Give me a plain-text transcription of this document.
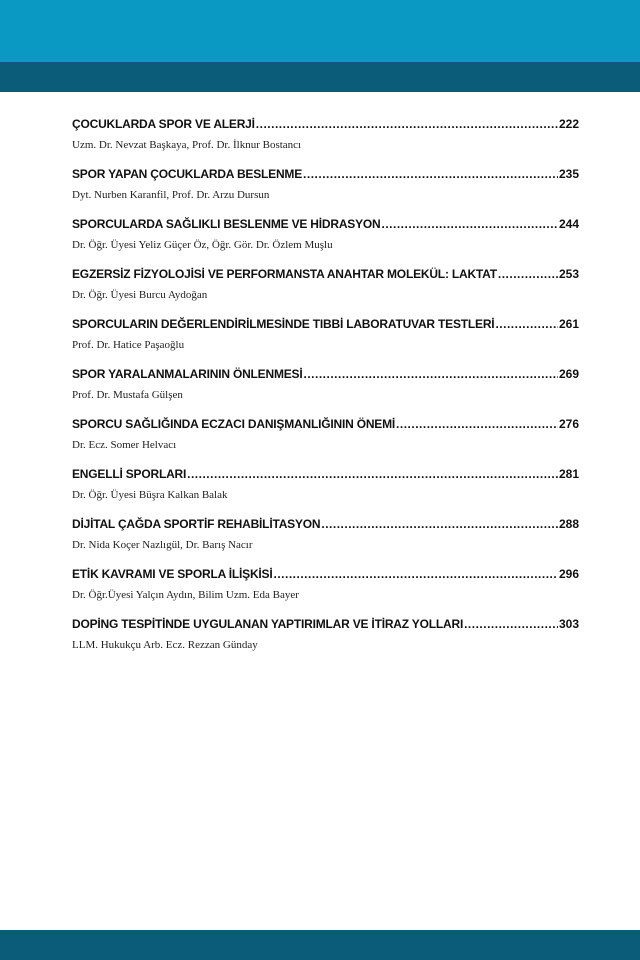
ÇOCUKLARDA SPOR VE ALERJİ .....	222
Uzm. Dr. Nevzat Başkaya, Prof. Dr. İlknur Bostancı
SPOR YAPAN ÇOCUKLARDA BESLENME .....	235
Dyt. Nurben Karanfil, Prof. Dr. Arzu Dursun
SPORCULARDA SAĞLIKLI BESLENME VE HİDRASYON .....	244
Dr. Öğr. Üyesi Yeliz Güçer Öz, Öğr. Gör. Dr. Özlem Muşlu
EGZERSİZ FİZYOLOJİSİ VE PERFORMANSTA ANAHTAR MOLEKÜL: LAKTAT .....	253
Dr. Öğr. Üyesi Burcu Aydoğan
SPORCULARIN DEĞERLENDİRİLMESİNDE TIBBİ LABORATUVAR TESTLERİ .....	261
Prof. Dr. Hatice Paşaoğlu
SPOR YARALANMALARININ ÖNLENMESİ .....	269
Prof. Dr. Mustafa Gülşen
SPORCU SAĞLIĞINDA ECZACI DANIŞMANLIĞININ ÖNEMİ .....	276
Dr. Ecz. Somer Helvacı
ENGELLİ SPORLARI .....	281
Dr. Öğr. Üyesi Büşra Kalkan Balak
DİJİTAL ÇAĞDA SPORTİF REHABİLİTASYON .....	288
Dr. Nida Koçer Nazlıgül, Dr. Barış Nacır
ETİK KAVRAMI VE SPORLA İLİŞKİSİ .....	296
Dr. Öğr.Üyesi Yalçın Aydın, Bilim Uzm. Eda Bayer
DOPİNG TESPİTİNDE UYGULANAN YAPTIRIMLAR VE İTİRAZ YOLLARI .....	303
LLM. Hukukçu Arb. Ecz. Rezzan Günday
